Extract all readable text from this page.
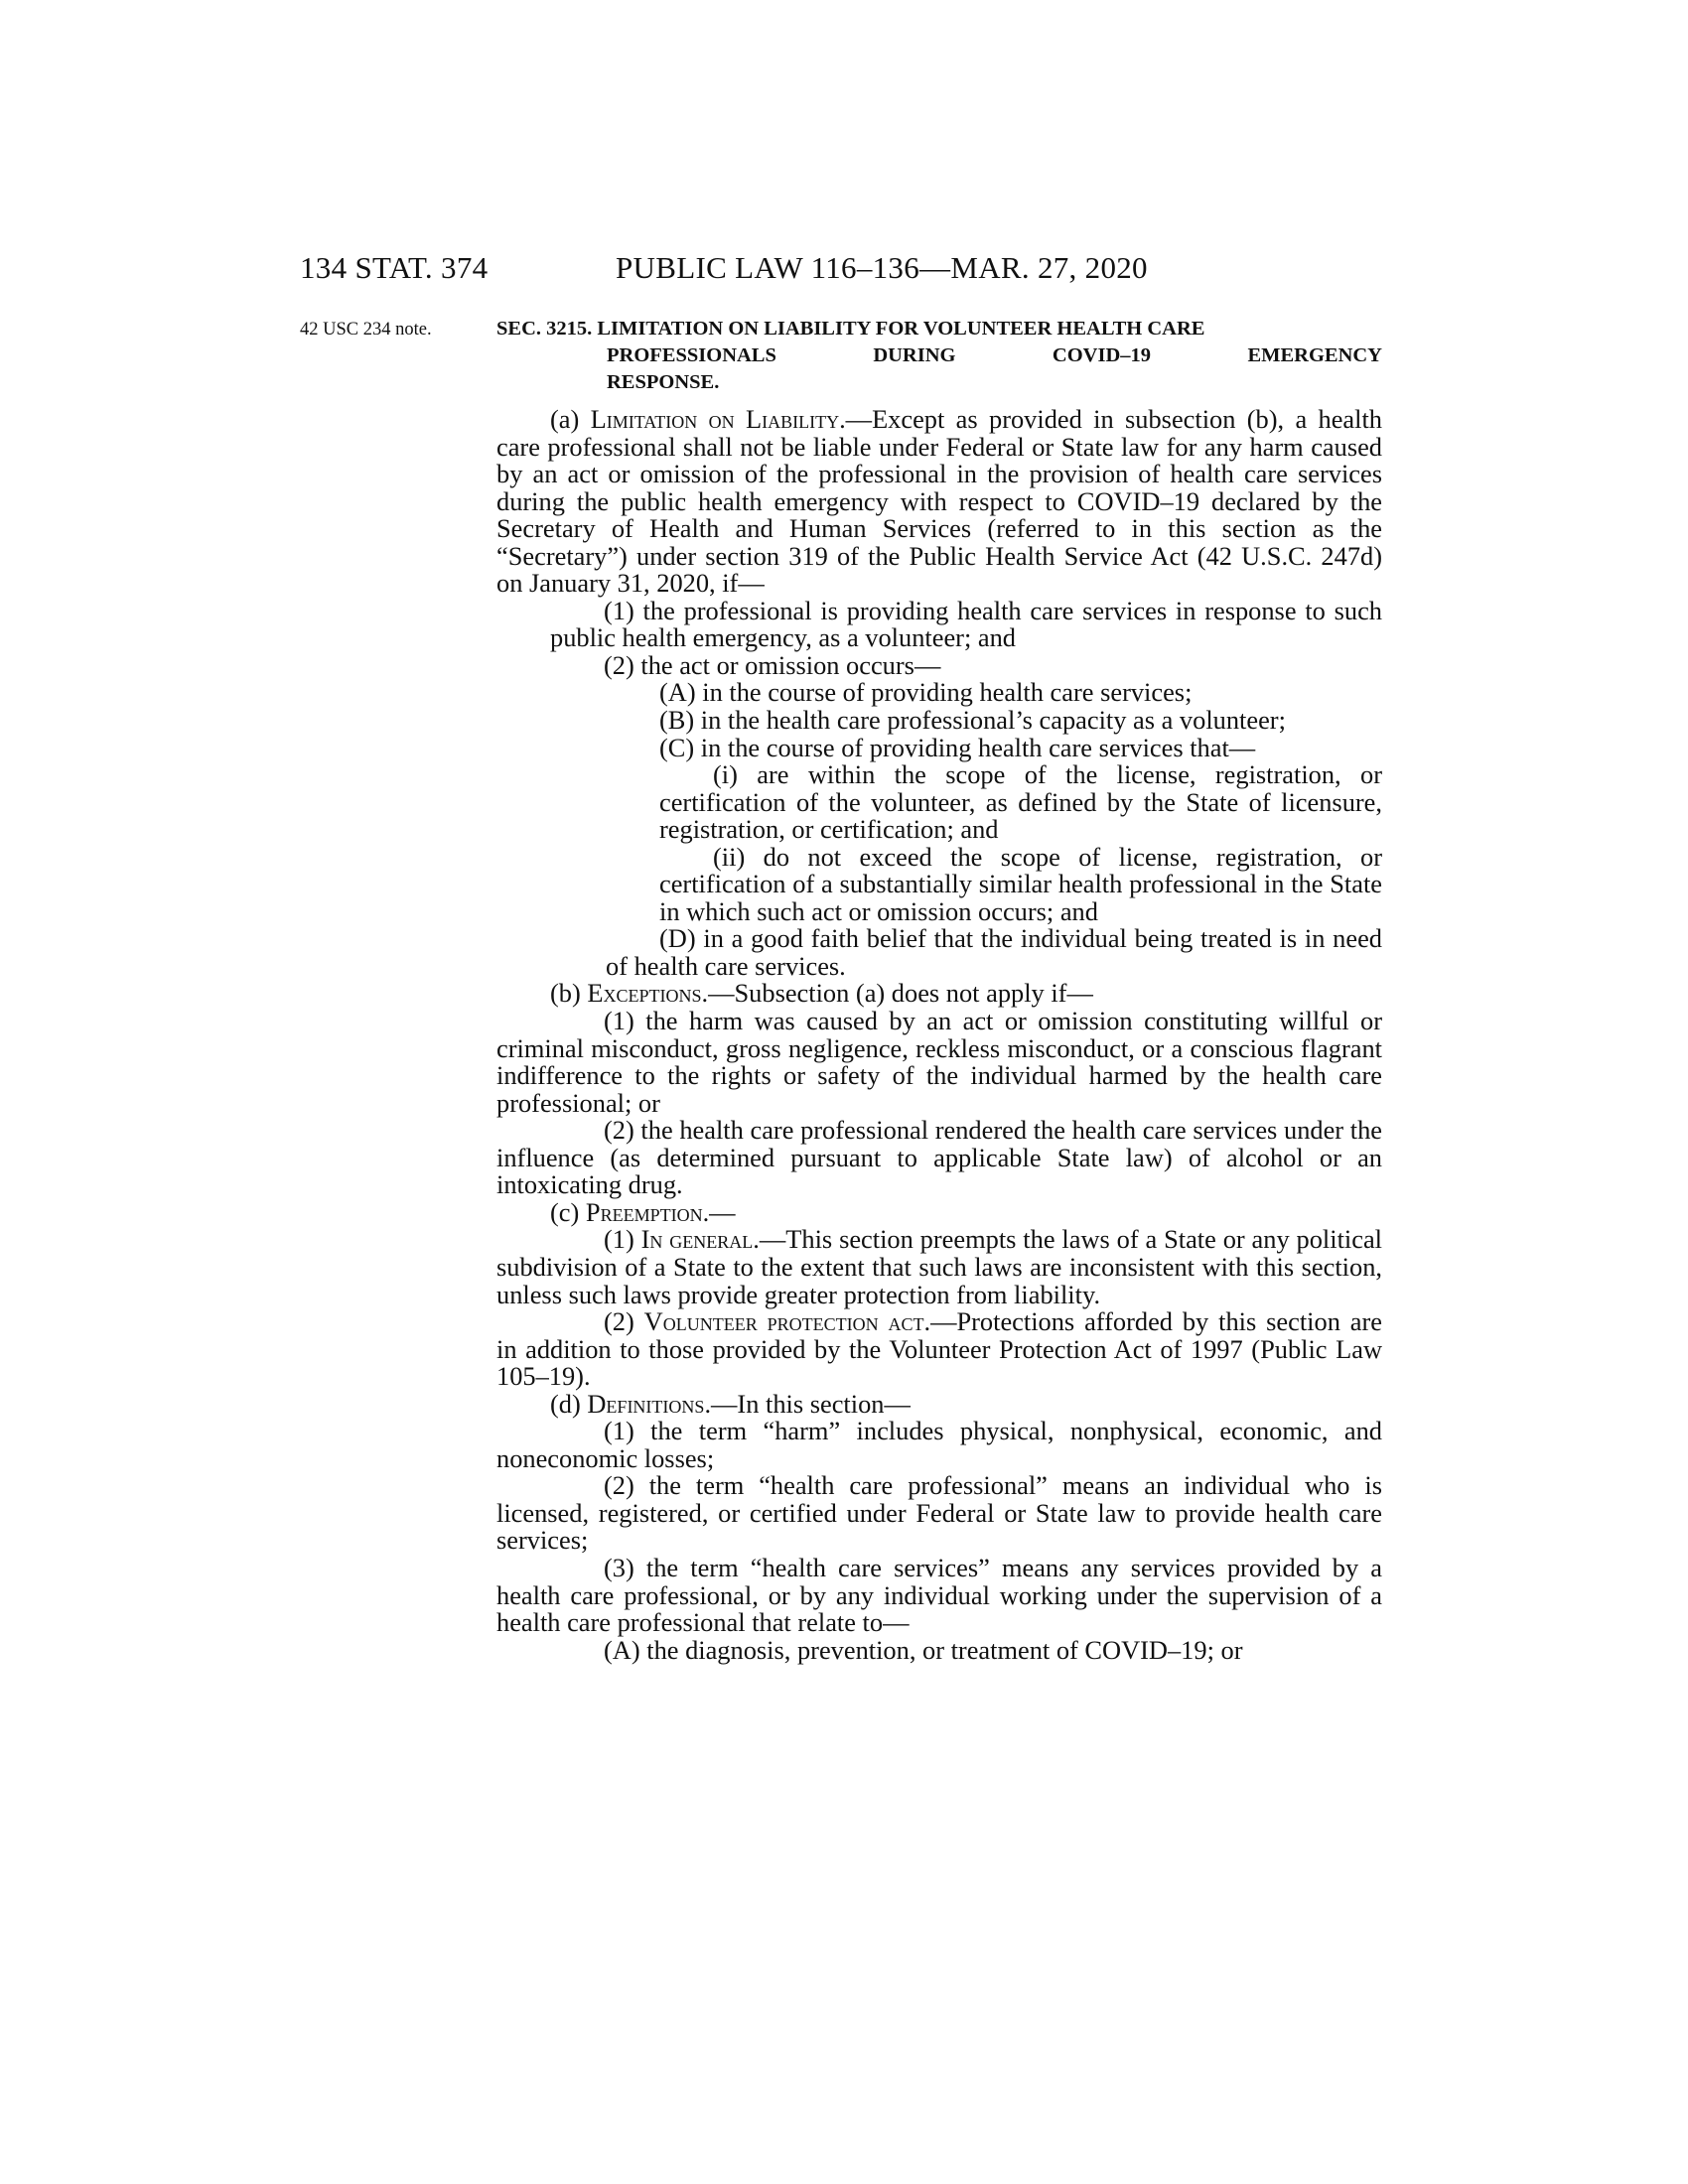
134 STAT. 374	PUBLIC LAW 116–136—MAR. 27, 2020
42 USC 234 note.	SEC. 3215. LIMITATION ON LIABILITY FOR VOLUNTEER HEALTH CARE
PROFESSIONALS	DURING	COVID–19	EMERGENCY
RESPONSE.

(a) Limitation on Liability.—Except as provided in subsection (b), a health care professional shall not be liable under Federal or State law for any harm caused by an act or omission of the professional in the provision of health care services during the public health emergency with respect to COVID–19 declared by the Secretary of Health and Human Services (referred to in this section as the “Secretary”) under section 319 of the Public Health Service Act (42 U.S.C. 247d) on January 31, 2020, if—

(1) the professional is providing health care services in response to such public health emergency, as a volunteer; and

(2) the act or omission occurs—

(A) in the course of providing health care services;

(B) in the health care professional’s capacity as a volunteer;

(C) in the course of providing health care services that—

(i) are within the scope of the license, registration, or certification of the volunteer, as defined by the State of licensure, registration, or certification; and

(ii) do not exceed the scope of license, registration, or certification of a substantially similar health professional in the State in which such act or omission occurs; and

(D) in a good faith belief that the individual being treated is in need of health care services.

(b) Exceptions.—Subsection (a) does not apply if—

(1) the harm was caused by an act or omission constituting willful or criminal misconduct, gross negligence, reckless misconduct, or a conscious flagrant indifference to the rights or safety of the individual harmed by the health care professional; or

(2) the health care professional rendered the health care services under the influence (as determined pursuant to applicable State law) of alcohol or an intoxicating drug.

(c) Preemption.—

(1) In general.—This section preempts the laws of a State or any political subdivision of a State to the extent that such laws are inconsistent with this section, unless such laws provide greater protection from liability.

(2) Volunteer protection act.—Protections afforded by this section are in addition to those provided by the Volunteer Protection Act of 1997 (Public Law 105–19).

(d) Definitions.—In this section—

(1) the term “harm” includes physical, nonphysical, economic, and noneconomic losses;

(2) the term “health care professional” means an individual who is licensed, registered, or certified under Federal or State law to provide health care services;

(3) the term “health care services” means any services provided by a health care professional, or by any individual working under the supervision of a health care professional that relate to—

(A) the diagnosis, prevention, or treatment of COVID–19; or
